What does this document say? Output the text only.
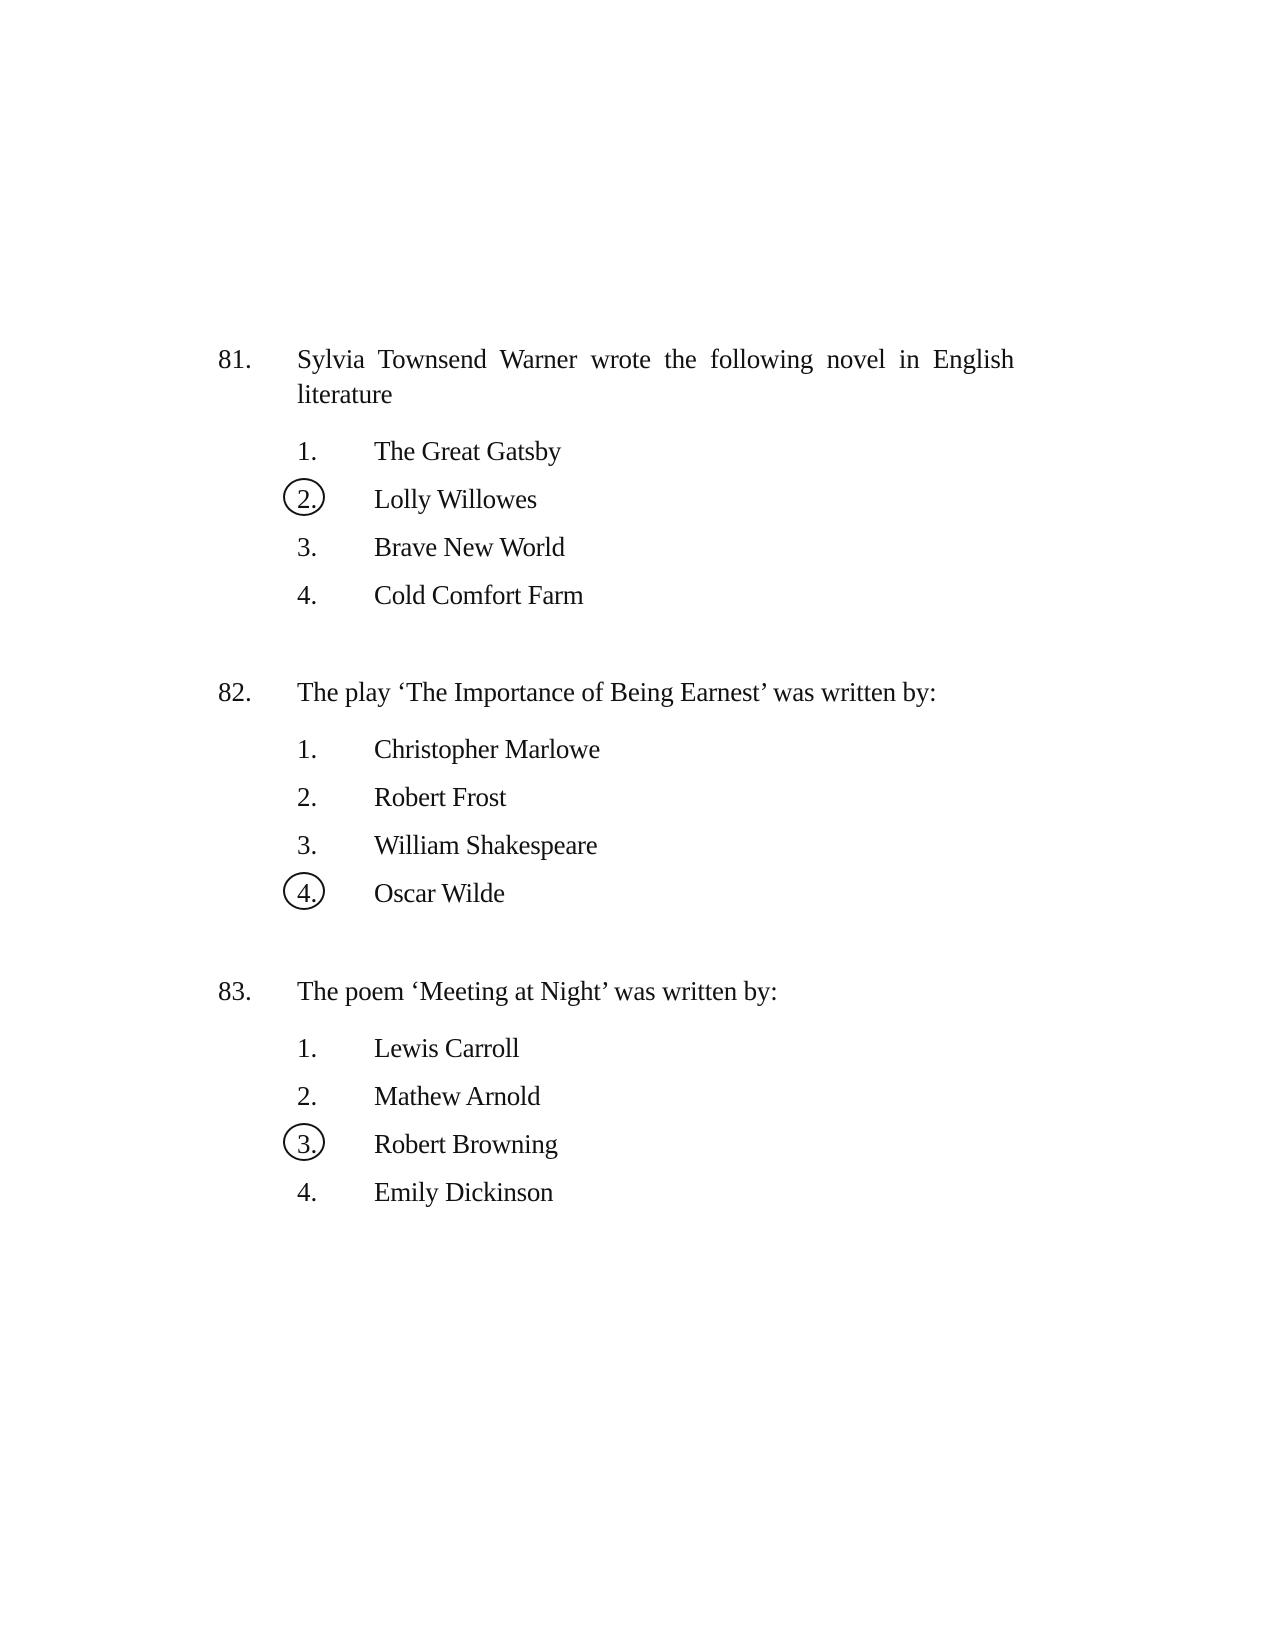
81. Sylvia Townsend Warner wrote the following novel in English literature
1.	The Great Gatsby
2.	Lolly Willowes
3.	Brave New World
4.	Cold Comfort Farm
82. The play ‘The Importance of Being Earnest’ was written by:
1.	Christopher Marlowe
2.	Robert Frost
3.	William Shakespeare
4.	Oscar Wilde
83. The poem ‘Meeting at Night’ was written by:
1.	Lewis Carroll
2.	Mathew Arnold
3.	Robert Browning
4.	Emily Dickinson
